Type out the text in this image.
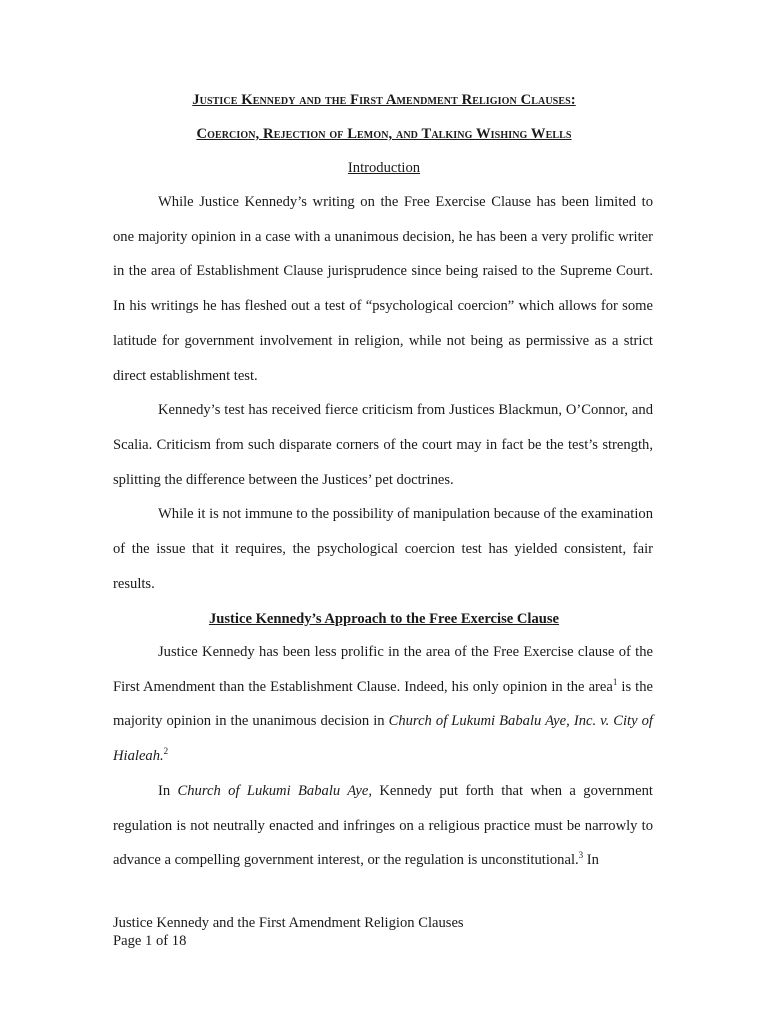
Justice Kennedy and the First Amendment Religion Clauses:
Coercion, Rejection of Lemon, and Talking Wishing Wells
Introduction

While Justice Kennedy’s writing on the Free Exercise Clause has been limited to one majority opinion in a case with a unanimous decision, he has been a very prolific writer in the area of Establishment Clause jurisprudence since being raised to the Supreme Court. In his writings he has fleshed out a test of “psychological coercion” which allows for some latitude for government involvement in religion, while not being as permissive as a strict direct establishment test.

Kennedy’s test has received fierce criticism from Justices Blackmun, O’Connor, and Scalia. Criticism from such disparate corners of the court may in fact be the test’s strength, splitting the difference between the Justices’ pet doctrines.

While it is not immune to the possibility of manipulation because of the examination of the issue that it requires, the psychological coercion test has yielded consistent, fair results.

Justice Kennedy’s Approach to the Free Exercise Clause

Justice Kennedy has been less prolific in the area of the Free Exercise clause of the First Amendment than the Establishment Clause. Indeed, his only opinion in the area$^1$ is the majority opinion in the unanimous decision in Church of Lukumi Babalu Aye, Inc. v. City of Hialeah.$^2$

In Church of Lukumi Babalu Aye, Kennedy put forth that when a government regulation is not neutrally enacted and infringes on a religious practice must be narrowly to advance a compelling government interest, or the regulation is unconstitutional.$^3$ In

Justice Kennedy and the First Amendment Religion Clauses
Page 1 of 18
